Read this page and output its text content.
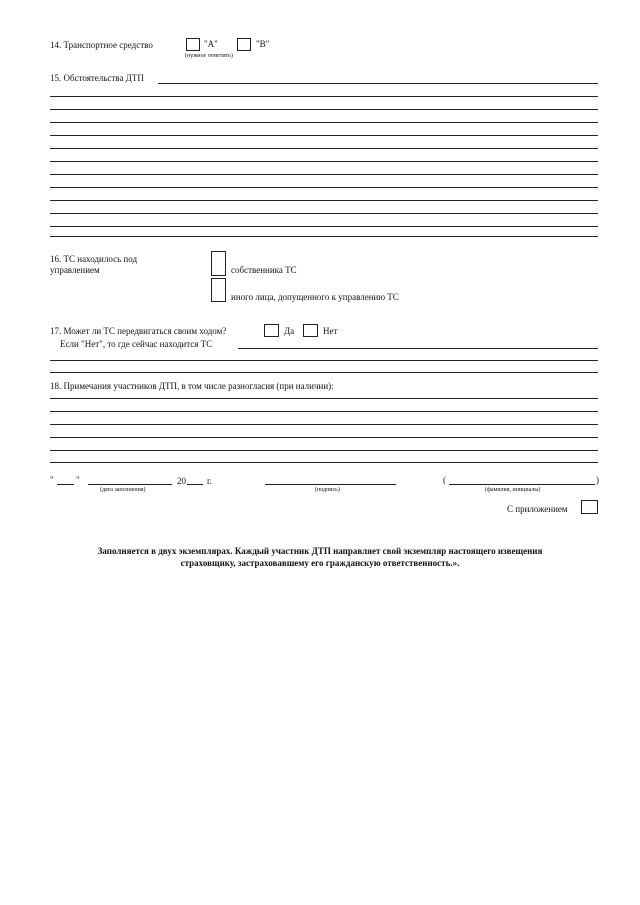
14. Транспортное средство	"A"	"B"
(нужное отметить)
15. Обстоятельства ДТП
16. ТС находилось под
управлением	собственника ТС
иного лица, допущенного к управлению ТС
17. Может ли ТС передвигаться своим ходом?	Да	Нет
Если "Нет", то где сейчас находится ТС
18. Примечания участников ДТП, в том числе разногласия (при наличии):
" "	20 г.
(дата заполнения)	(подпись)
(	)
(фамилия, инициалы)
С приложением
Заполняется в двух экземплярах. Каждый участник ДТП направляет свой экземпляр настоящего извещения
страховщику, застраховавшему его гражданскую ответственность.».
